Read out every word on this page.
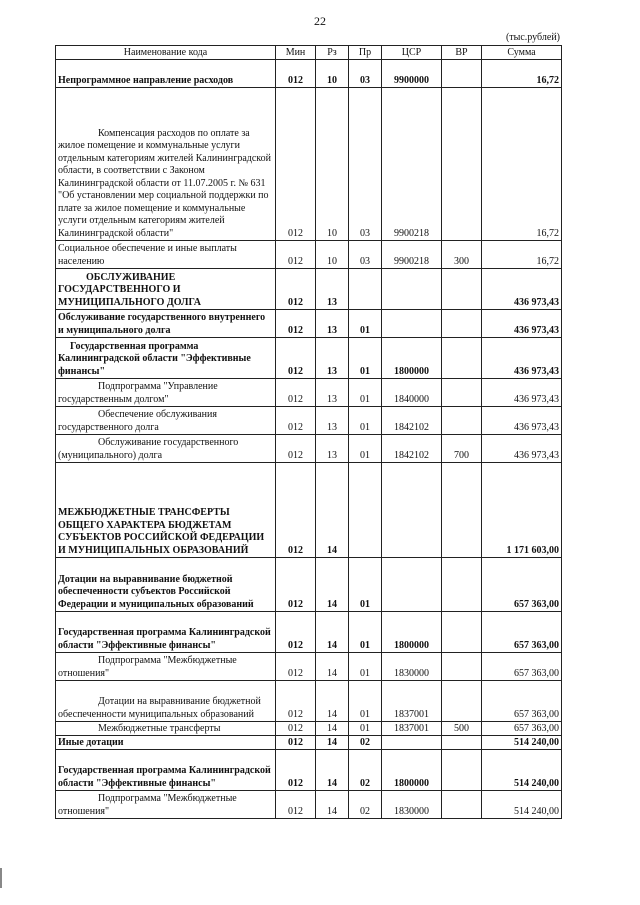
22
(тыс.рублей)
Наименование кода	Мин	Рз	Пр	ЦСР	ВР	Сумма
Непрограммное направление расходов	012	10	03	9900000		16,72
Компенсация расходов по оплате за жилое помещение и коммунальные услуги отдельным категориям жителей Калининградской области, в соответствии с Законом Калининградской области от 11.07.2005 г. № 631 "Об установлении мер социальной поддержки по плате за жилое помещение и коммунальные услуги отдельным категориям жителей Калининградской области"	012	10	03	9900218		16,72
Социальное обеспечение и иные выплаты населению	012	10	03	9900218	300	16,72
ОБСЛУЖИВАНИЕ ГОСУДАРСТВЕННОГО И МУНИЦИПАЛЬНОГО ДОЛГА	012	13				436 973,43
Обслуживание государственного внутреннего и муниципального долга	012	13	01			436 973,43
Государственная программа Калининградской области "Эффективные финансы"	012	13	01	1800000		436 973,43
Подпрограмма "Управление государственным долгом"	012	13	01	1840000		436 973,43
Обеспечение обслуживания государственного долга	012	13	01	1842102		436 973,43
Обслуживание государственного (муниципального) долга	012	13	01	1842102	700	436 973,43
МЕЖБЮДЖЕТНЫЕ ТРАНСФЕРТЫ ОБЩЕГО ХАРАКТЕРА БЮДЖЕТАМ СУБЪЕКТОВ РОССИЙСКОЙ ФЕДЕРАЦИИ И МУНИЦИПАЛЬНЫХ ОБРАЗОВАНИЙ	012	14				1 171 603,00
Дотации на выравнивание бюджетной обеспеченности субъектов Российской Федерации и муниципальных образований	012	14	01			657 363,00
Государственная программа Калининградской области "Эффективные финансы"	012	14	01	1800000		657 363,00
Подпрограмма "Межбюджетные отношения"	012	14	01	1830000		657 363,00
Дотации на выравнивание бюджетной обеспеченности муниципальных образований	012	14	01	1837001		657 363,00
Межбюджетные трансферты	012	14	01	1837001	500	657 363,00
Иные дотации	012	14	02			514 240,00
Государственная программа Калининградской области "Эффективные финансы"	012	14	02	1800000		514 240,00
Подпрограмма "Межбюджетные отношения"	012	14	02	1830000		514 240,00
